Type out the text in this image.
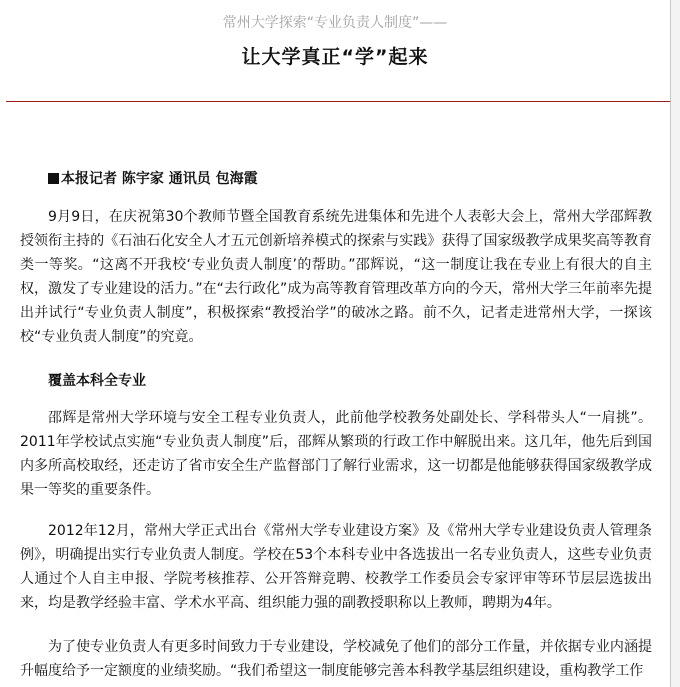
常州大学探索“专业负责人制度”——
让大学真正“学”起来
本报记者 陈宇家 通讯员 包海霞
9月9日，在庆祝第30个教师节暨全国教育系统先进集体和先进个人表彰大会上，常州大学邵辉教授领衔主持的《石油石化安全人才五元创新培养模式的探索与实践》获得了国家级教学成果奖高等教育类一等奖。“这离不开我校‘专业负责人制度’的帮助。”邵辉说，“这一制度让我在专业上有很大的自主权，激发了专业建设的活力。”在“去行政化”成为高等教育管理改革方向的今天，常州大学三年前率先提出并试行“专业负责人制度”，积极探索“教授治学”的破冰之路。前不久，记者走进常州大学，一探该校“专业负责人制度”的究竟。
覆盖本科全专业
邵辉是常州大学环境与安全工程专业负责人，此前他学校教务处副处长、学科带头人“一肩挑”。2011年学校试点实施“专业负责人制度”后，邵辉从繁琐的行政工作中解脱出来。这几年，他先后到国内多所高校取经，还走访了省市安全生产监督部门了解行业需求，这一切都是他能够获得国家级教学成果一等奖的重要条件。
2012年12月，常州大学正式出台《常州大学专业建设方案》及《常州大学专业建设负责人管理条例》，明确提出实行专业负责人制度。学校在53个本科专业中各选拔出一名专业负责人，这些专业负责人通过个人自主申报、学院考核推荐、公开答辩竞聘、校教学工作委员会专家评审等环节层层选拔出来，均是教学经验丰富、学术水平高、组织能力强的副教授职称以上教师，聘期为4年。
为了使专业负责人有更多时间致力于专业建设，学校减免了他们的部分工作量，并依据专业内涵提升幅度给予一定额度的业绩奖励。“我们希望这一制度能够完善本科教学基层组织建设，重构教学工作
